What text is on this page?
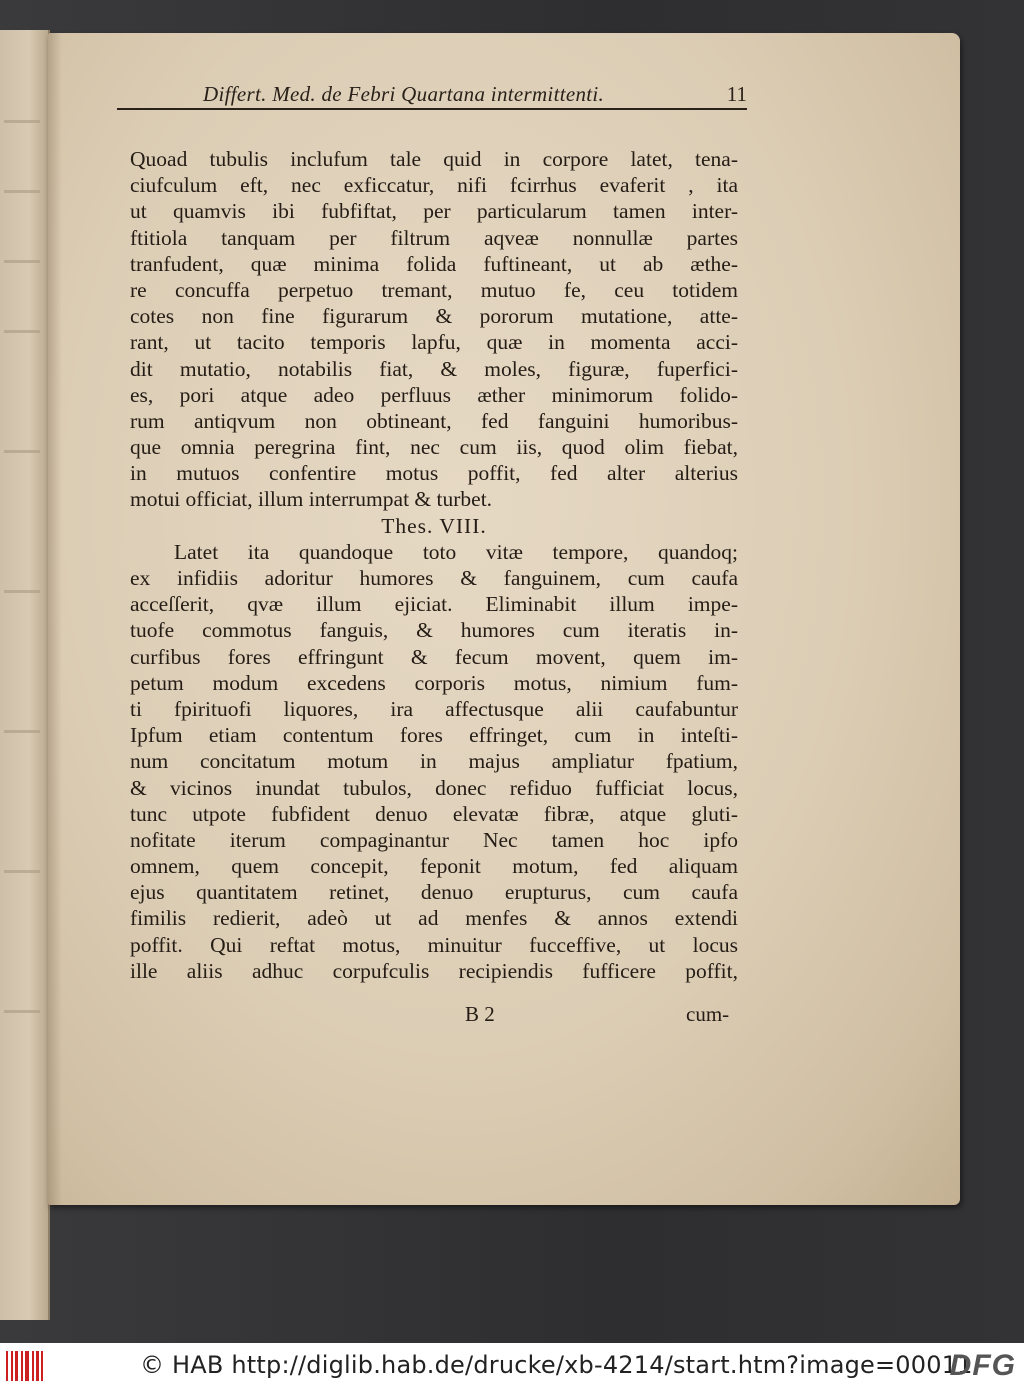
Differt. Med. de Febri Quartana intermittenti.	11
Quoad tubulis inclufum tale quid in corpore latet, tena-
ciufculum eft, nec exficcatur, nifi fcirrhus evaferit , ita
ut quamvis ibi fubfiftat, per particularum tamen inter-
ftitiola tanquam per filtrum aqveæ nonnullæ partes
tranfudent, quæ minima folida fuftineant, ut ab æthe-
re concuffa perpetuo tremant, mutuo fe, ceu totidem
cotes non fine figurarum & pororum mutatione, atte-
rant, ut tacito temporis lapfu, quæ in momenta acci-
dit mutatio, notabilis fiat, & moles, figuræ, fuperfici-
es, pori atque adeo perfluus æther minimorum folido-
rum antiqvum non obtineant, fed fanguini humoribus-
que omnia peregrina fint, nec cum iis, quod olim fiebat,
in mutuos confentire motus poffit, fed alter alterius
motui officiat, illum interrumpat & turbet.
Thes. VIII.
Latet ita quandoque toto vitæ tempore, quandoq;
ex infidiis adoritur humores & fanguinem, cum caufa
acceſſerit, qvæ illum ejiciat. Eliminabit illum impe-
tuofe commotus fanguis, & humores cum iteratis in-
curfibus fores effringunt & fecum movent, quem im-
petum modum excedens corporis motus, nimium fum-
ti fpirituofi liquores, ira affectusque alii caufabuntur
Ipfum etiam contentum fores effringet, cum in inteſti-
num concitatum motum in majus ampliatur fpatium,
& vicinos inundat tubulos, donec refiduo fufficiat locus,
tunc utpote fubfident denuo elevatæ fibræ, atque gluti-
nofitate iterum compaginantur Nec tamen hoc ipfo
omnem, quem concepit, feponit motum, fed aliquam
ejus quantitatem retinet, denuo erupturus, cum caufa
fimilis redierit, adeò ut ad menfes & annos extendi
poffit. Qui reftat motus, minuitur fucceffive, ut locus
ille aliis adhuc corpufculis recipiendis fufficere poffit,
B 2	cum-
© HAB http://diglib.hab.de/drucke/xb-4214/start.htm?image=00011
DFG
